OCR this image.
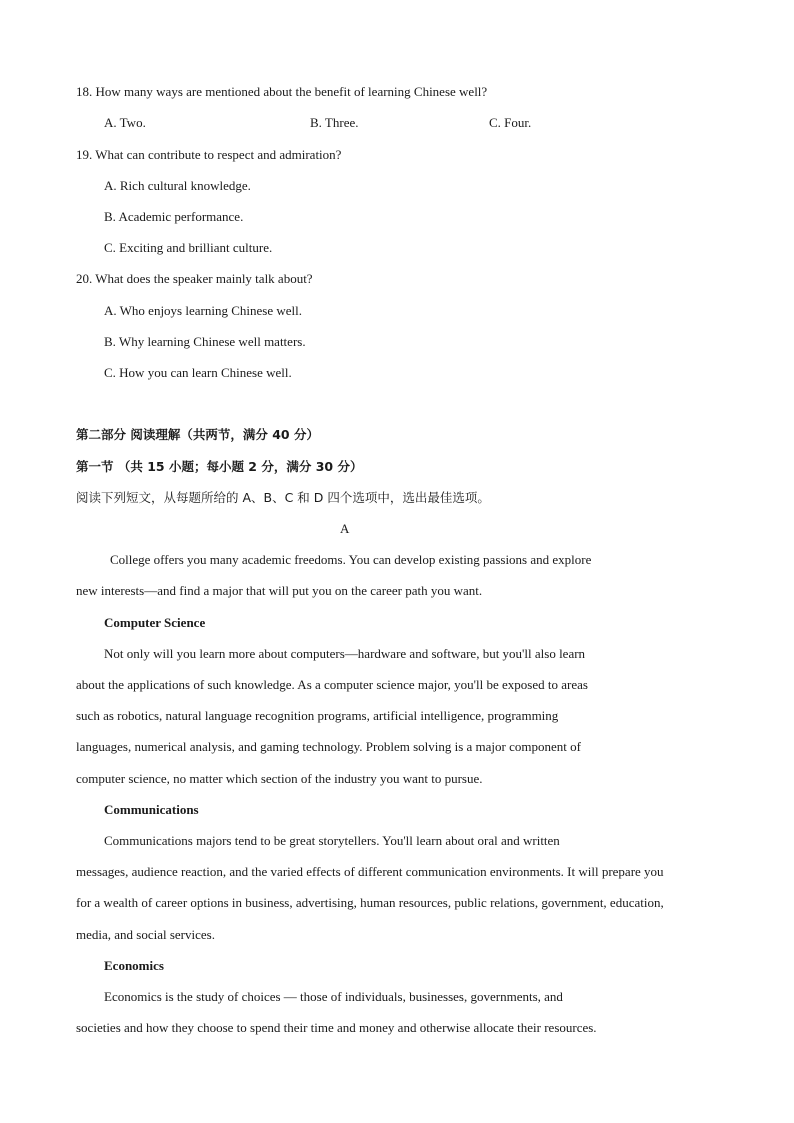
18. How many ways are mentioned about the benefit of learning Chinese well?
A. Two.	B. Three.	C. Four.
19. What can contribute to respect and admiration?
A. Rich cultural knowledge.
B. Academic performance.
C. Exciting and brilliant culture.
20. What does the speaker mainly talk about?
A. Who enjoys learning Chinese well.
B. Why learning Chinese well matters.
C. How you can learn Chinese well.
第二部分 阅读理解（共两节，满分 40 分）
第一节 （共 15 小题；每小题 2 分，满分 30 分）
阅读下列短文，从每题所给的 A、B、C 和 D 四个选项中，选出最佳选项。
A
College offers you many academic freedoms. You can develop existing passions and explore
new interests—and find a major that will put you on the career path you want.
Computer Science
Not only will you learn more about computers—hardware and software, but you'll also learn
about the applications of such knowledge. As a computer science major, you'll be exposed to areas
such as robotics, natural language recognition programs, artificial intelligence, programming
languages, numerical analysis, and gaming technology. Problem solving is a major component of
computer science, no matter which section of the industry you want to pursue.
Communications
Communications majors tend to be great storytellers. You'll learn about oral and written
messages, audience reaction, and the varied effects of different communication environments. It will prepare you
for a wealth of career options in business, advertising, human resources, public relations, government, education,
media, and social services.
Economics
Economics is the study of choices — those of individuals, businesses, governments, and
societies and how they choose to spend their time and money and otherwise allocate their resources.
